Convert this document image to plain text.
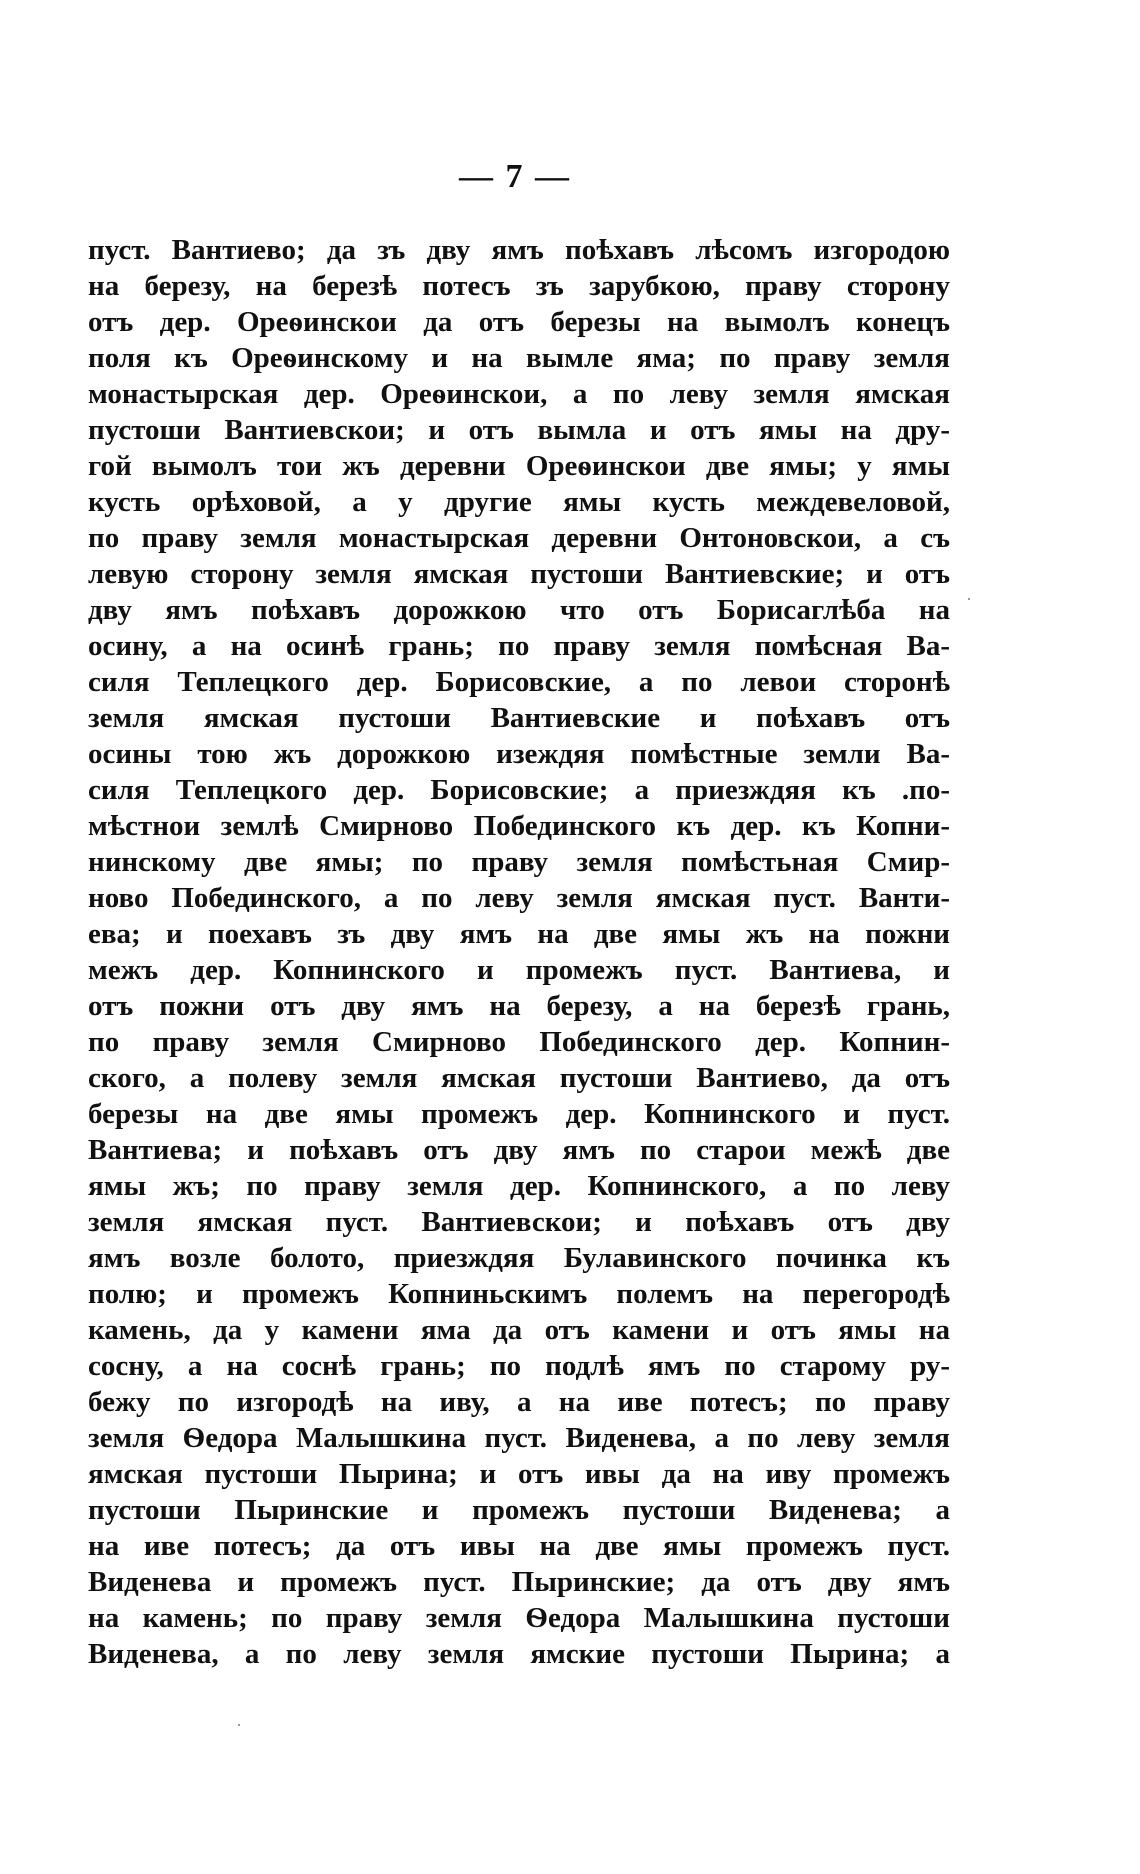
— 7 —
пуст. Вантиево; да зъ дву ямъ поѣхавъ лѣсомъ изгородою
на березу, на березѣ потесъ зъ зарубкою, праву сторону
отъ дер. Ореѳинскои да отъ березы на вымолъ конецъ
поля къ Ореѳинскому и на вымле яма; по праву земля
монастырская дер. Ореѳинскои, а по леву земля ямская
пустоши Вантиевскои; и отъ вымла и отъ ямы на дру-
гой вымолъ тои жъ деревни Ореѳинскои две ямы; у ямы
кусть орѣховой, а у другие ямы кусть междевеловой,
по праву земля монастырская деревни Онтоновскои, а съ
левую сторону земля ямская пустоши Вантиевские; и отъ
дву ямъ поѣхавъ дорожкою что отъ Борисаглѣба на
осину, а на осинѣ грань; по праву земля помѣсная Ва-
силя Теплецкого дер. Борисовские, а по левои сторонѣ
земля ямская пустоши Вантиевские и поѣхавъ отъ
осины тою жъ дорожкою изеждяя помѣстные земли Ва-
силя Теплецкого дер. Борисовские; а приезждяя къ .по-
мѣстнои землѣ Смирново Побединского къ дер. къ Копни-
нинскому две ямы; по праву земля помѣстьная Смир-
ново Побединского, а по леву земля ямская пуст. Ванти-
ева; и поехавъ зъ дву ямъ на две ямы жъ на пожни
межъ дер. Копнинского и промежъ пуст. Вантиева, и
отъ пожни отъ дву ямъ на березу, а на березѣ грань,
по праву земля Смирново Побединского дер. Копнин-
ского, а полеву земля ямская пустоши Вантиево, да отъ
березы на две ямы промежъ дер. Копнинского и пуст.
Вантиева; и поѣхавъ отъ дву ямъ по старои межѣ две
ямы жъ; по праву земля дер. Копнинского, а по леву
земля ямская пуст. Вантиевскои; и поѣхавъ отъ дву
ямъ возле болото, приезждяя Булавинского починка къ
полю; и промежъ Копниньскимъ полемъ на перегородѣ
камень, да у камени яма да отъ камени и отъ ямы на
сосну, а на соснѣ грань; по подлѣ ямъ по старому ру-
бежу по изгородѣ на иву, а на иве потесъ; по праву
земля Ѳедора Малышкина пуст. Виденева, а по леву земля
ямская пустоши Пырина; и отъ ивы да на иву промежъ
пустоши Пыринские и промежъ пустоши Виденева; а
на иве потесъ; да отъ ивы на две ямы промежъ пуст.
Виденева и промежъ пуст. Пыринские; да отъ дву ямъ
на камень; по праву земля Ѳедора Малышкина пустоши
Виденева, а по леву земля ямские пустоши Пырина; а
